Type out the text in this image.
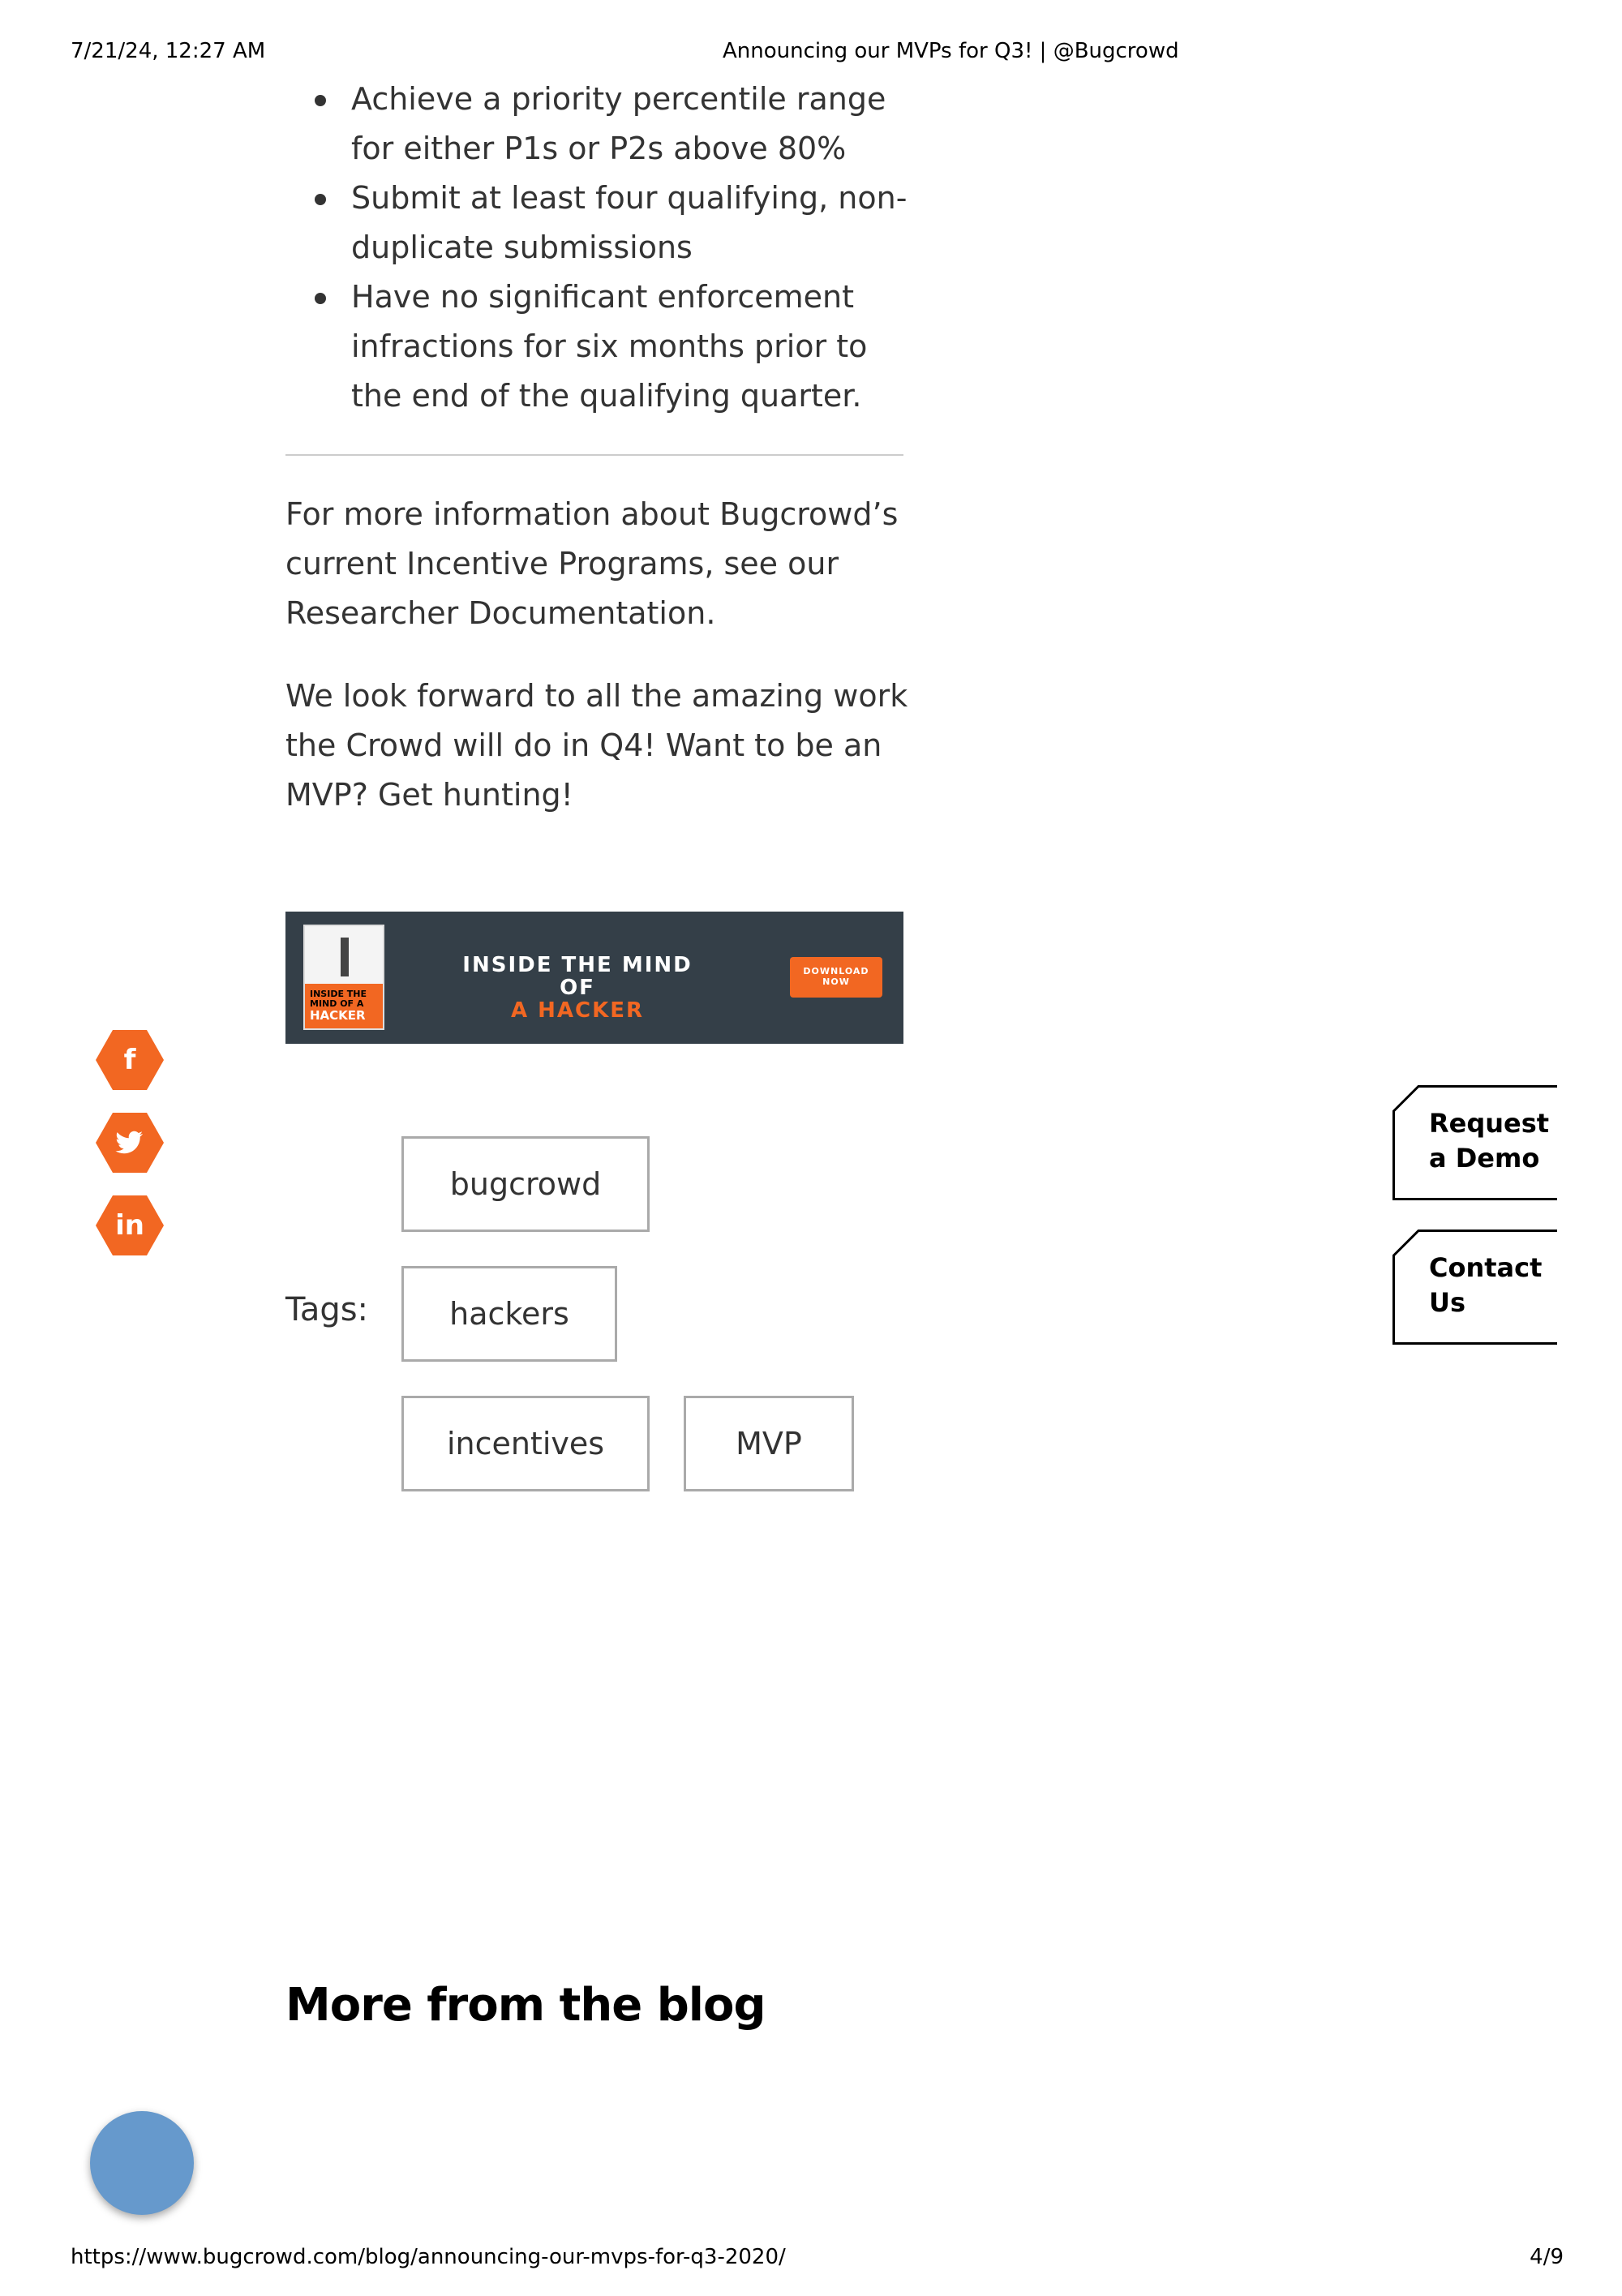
7/21/24, 12:27 AM	Announcing our MVPs for Q3! | @Bugcrowd
Achieve a priority percentile range for either P1s or P2s above 80%
Submit at least four qualifying, non-duplicate submissions
Have no significant enforcement infractions for six months prior to the end of the qualifying quarter.

For more information about Bugcrowd’s current Incentive Programs, see our Researcher Documentation.

We look forward to all the amazing work the Crowd will do in Q4! Want to be an MVP? Get hunting!

INSIDE THE
MIND OF A
HACKER
INSIDE THE MIND OF
A HACKER
DOWNLOAD
NOW
Tags:
bugcrowd
hackers
incentives	MVP
f
in
Request
a Demo
Contact
Us
More from the blog
https://www.bugcrowd.com/blog/announcing-our-mvps-for-q3-2020/	4/9
